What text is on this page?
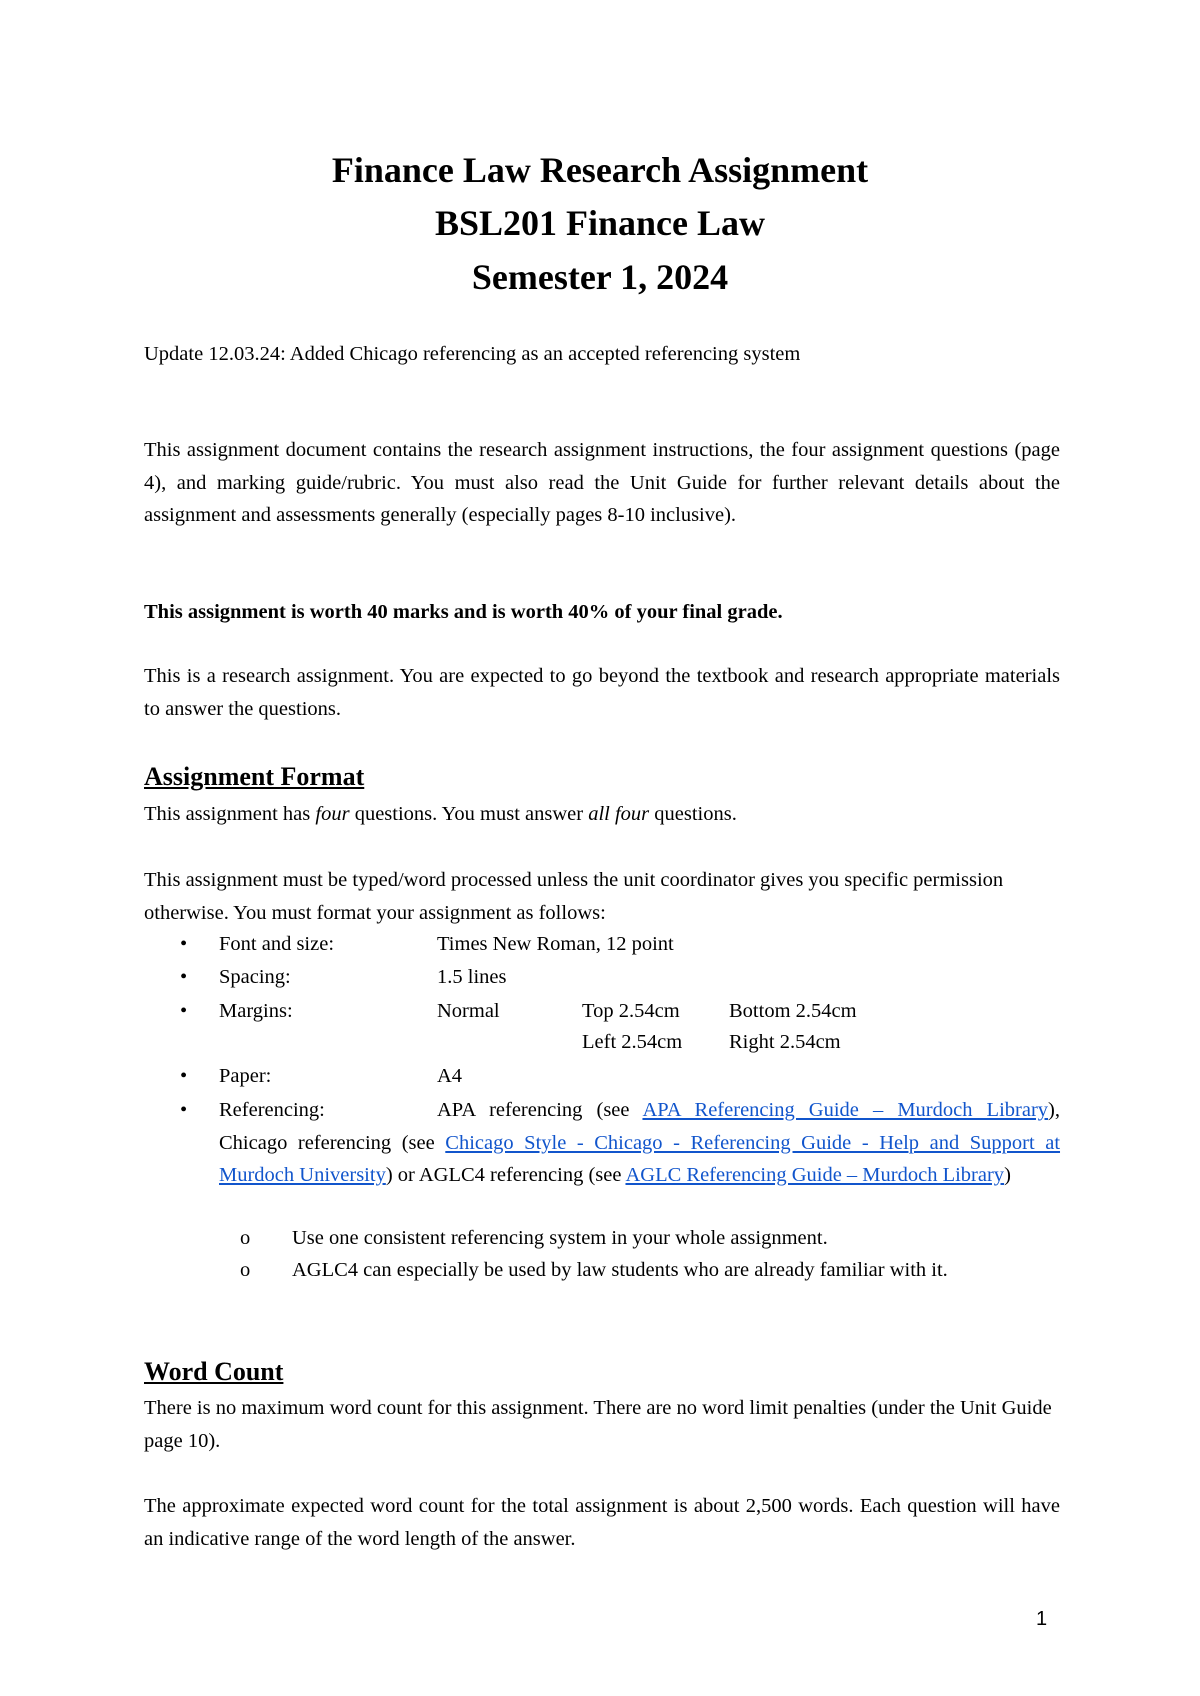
Finance Law Research Assignment
BSL201 Finance Law
Semester 1, 2024

Update 12.03.24: Added Chicago referencing as an accepted referencing system

This assignment document contains the research assignment instructions, the four assignment questions (page 4), and marking guide/rubric. You must also read the Unit Guide for further relevant details about the assignment and assessments generally (especially pages 8-10 inclusive).

This assignment is worth 40 marks and is worth 40% of your final grade.

This is a research assignment. You are expected to go beyond the textbook and research appropriate materials to answer the questions.

Assignment Format

This assignment has four questions. You must answer all four questions.

This assignment must be typed/word processed unless the unit coordinator gives you specific permission otherwise. You must format your assignment as follows:

• Font and size:	Times New Roman, 12 point
• Spacing:	1.5 lines
• Margins:	Normal	Top 2.54cm Bottom 2.54cm
Left 2.54cm Right 2.54cm
• Paper:	A4
• Referencing:	APA referencing (see APA Referencing Guide – Murdoch Library), Chicago referencing (see Chicago Style - Chicago - Referencing Guide - Help and Support at Murdoch University) or AGLC4 referencing (see AGLC Referencing Guide – Murdoch Library)
o Use one consistent referencing system in your whole assignment.
o AGLC4 can especially be used by law students who are already familiar with it.
Word Count

There is no maximum word count for this assignment. There are no word limit penalties (under the Unit Guide page 10).

The approximate expected word count for the total assignment is about 2,500 words. Each question will have an indicative range of the word length of the answer.

1
